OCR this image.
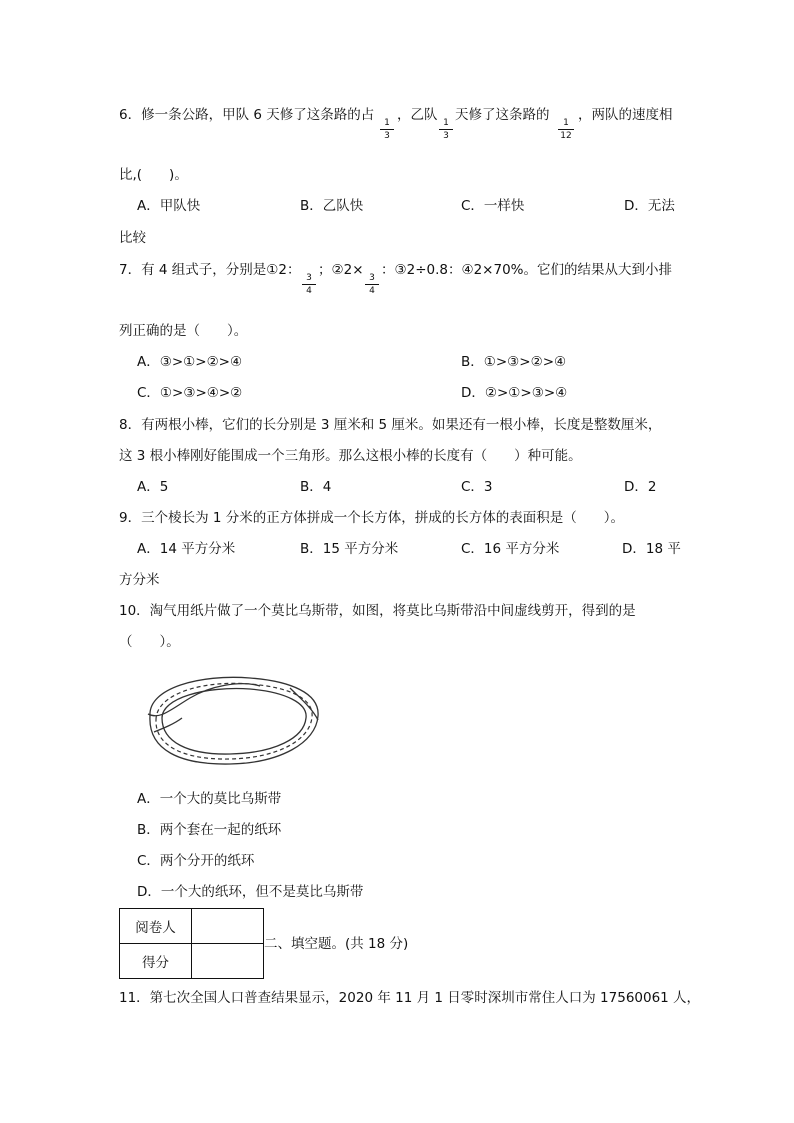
6．修一条公路，甲队 6 天修了这条路的占
$\frac{1}{3}$
，乙队
$\frac{1}{3}$
天修了这条路的
$\frac{1}{12}$
，两队的速度相
比,(　　)。
A．甲队快	B．乙队快	C．一样快	D．无法
比较
7．有 4 组式子，分别是①2：
$\frac{3}{4}$
；②2×
$\frac{3}{4}$
：③2÷0.8：④2×70%。它们的结果从大到小排
列正确的是（　　）。
A．③>①>②>④	B．①>③>②>④
C．①>③>④>②	D．②>①>③>④
8．有两根小棒，它们的长分别是 3 厘米和 5 厘米。如果还有一根小棒，长度是整数厘米，
这 3 根小棒刚好能围成一个三角形。那么这根小棒的长度有（　　）种可能。
A．5	B．4	C．3	D．2
9．三个棱长为 1 分米的正方体拼成一个长方体，拼成的长方体的表面积是（　　）。
A．14 平方分米	B．15 平方分米	C．16 平方分米	D．18 平
方分米
10．淘气用纸片做了一个莫比乌斯带，如图，将莫比乌斯带沿中间虚线剪开，得到的是
（　　）。
A．一个大的莫比乌斯带
B．两个套在一起的纸环
C．两个分开的纸环
D．一个大的纸环，但不是莫比乌斯带
阅卷人	
得分	
二、填空题。(共 18 分)
11．第七次全国人口普查结果显示，2020 年 11 月 1 日零时深圳市常住人口为 17560061 人，
